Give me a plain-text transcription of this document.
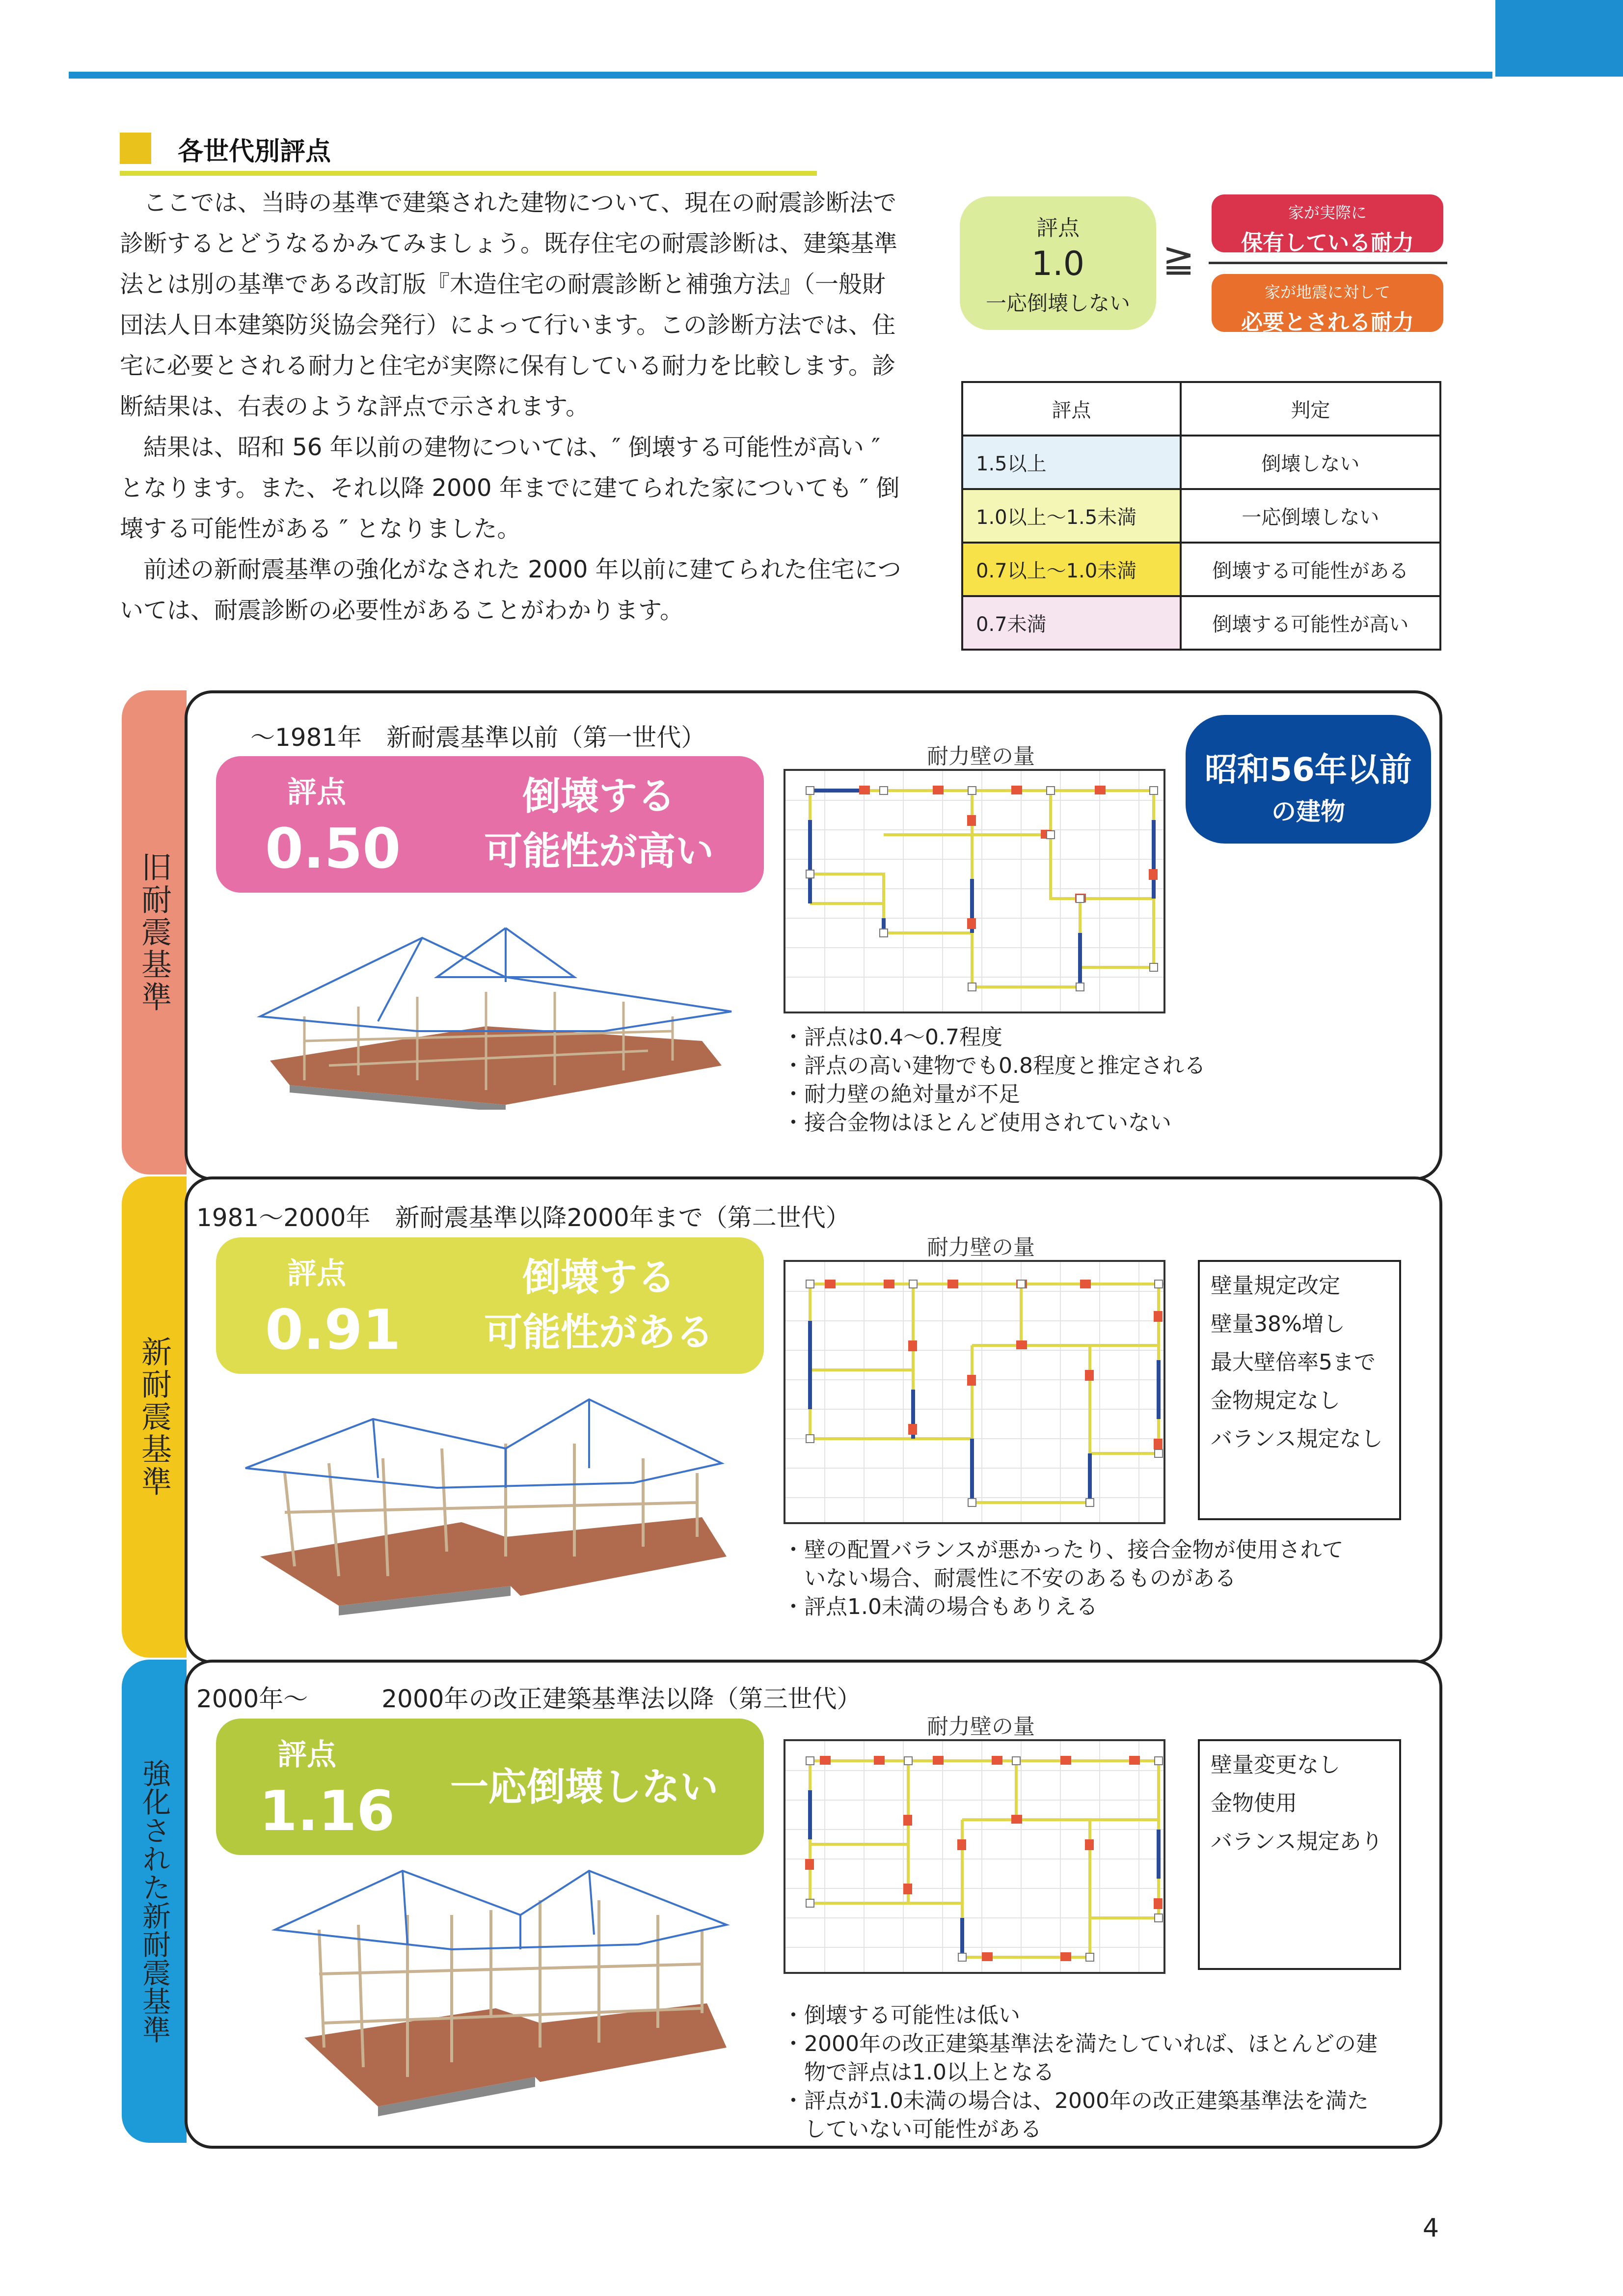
各世代別評点

ここでは、当時の基準で建築された建物について、現在の耐震診断法で診断するとどうなるかみてみましょう。既存住宅の耐震診断は、建築基準法とは別の基準である改訂版『木造住宅の耐震診断と補強方法』（一般財団法人日本建築防災協会発行）によって行います。この診断方法では、住宅に必要とされる耐力と住宅が実際に保有している耐力を比較します。診断結果は、右表のような評点で示されます。

結果は、昭和 56 年以前の建物については、″ 倒壊する可能性が高い ″ となります。また、それ以降 2000 年までに建てられた家についても ″ 倒壊する可能性がある ″ となりました。

前述の新耐震基準の強化がなされた 2000 年以前に建てられた住宅については、耐震診断の必要性があることがわかります。

評点
1.0
一応倒壊しない
≧
家が実際に
保有している耐力
家が地震に対して
必要とされる耐力
評点	判定
1.5以上	倒壊しない
1.0以上〜1.5未満	一応倒壊しない
0.7以上〜1.0未満	倒壊する可能性がある
0.7未満	倒壊する可能性が高い
旧耐震基準
〜1981年　新耐震基準以前（第一世代）
評点
0.50
倒壊する
可能性が高い
耐力壁の量	昭和56年以前
の建物
・評点は0.4〜0.7程度
・評点の高い建物でも0.8程度と推定される
・耐力壁の絶対量が不足
・接合金物はほとんど使用されていない
新耐震基準
1981〜2000年　新耐震基準以降2000年まで（第二世代）
評点
0.91
倒壊する
可能性がある
耐力壁の量
壁量規定改定
壁量38%増し
最大壁倍率5まで
金物規定なし
バランス規定なし
・壁の配置バランスが悪かったり、接合金物が使用されて
　いない場合、耐震性に不安のあるものがある
・評点1.0未満の場合もありえる
強化された新耐震基準
2000年〜　　　2000年の改正建築基準法以降（第三世代）
評点
1.16	一応倒壊しない
耐力壁の量
壁量変更なし
金物使用
バランス規定あり
・倒壊する可能性は低い
・2000年の改正建築基準法を満たしていれば、ほとんどの建
　物で評点は1.0以上となる
・評点が1.0未満の場合は、2000年の改正建築基準法を満た
　していない可能性がある
4
